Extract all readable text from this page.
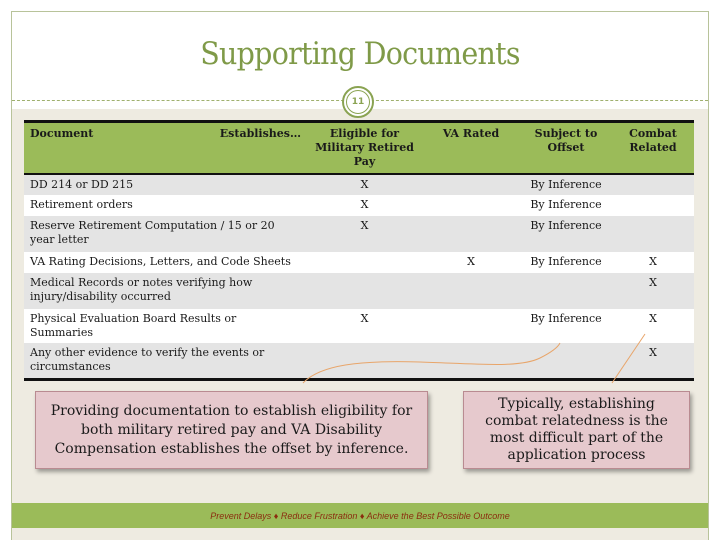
Supporting Documents
11
Document Establishes…	Eligible for Military Retired Pay	VA Rated	Subject to Offset	Combat Related
DD 214 or DD 215	X		By Inference	
Retirement orders	X		By Inference	
Reserve Retirement Computation / 15 or 20 year letter	X		By Inference	
VA Rating Decisions, Letters, and Code Sheets		X	By Inference	X
Medical Records or notes verifying how injury/disability occurred				X
Physical Evaluation Board Results or Summaries	X		By Inference	X
Any other evidence to verify the events or circumstances				X
Providing documentation to establish eligibility for both military retired pay and VA Disability Compensation establishes the offset by inference.
Typically, establishing combat relatedness is the most difficult part of the application process
Prevent Delays ♦ Reduce Frustration ♦ Achieve the Best Possible Outcome
